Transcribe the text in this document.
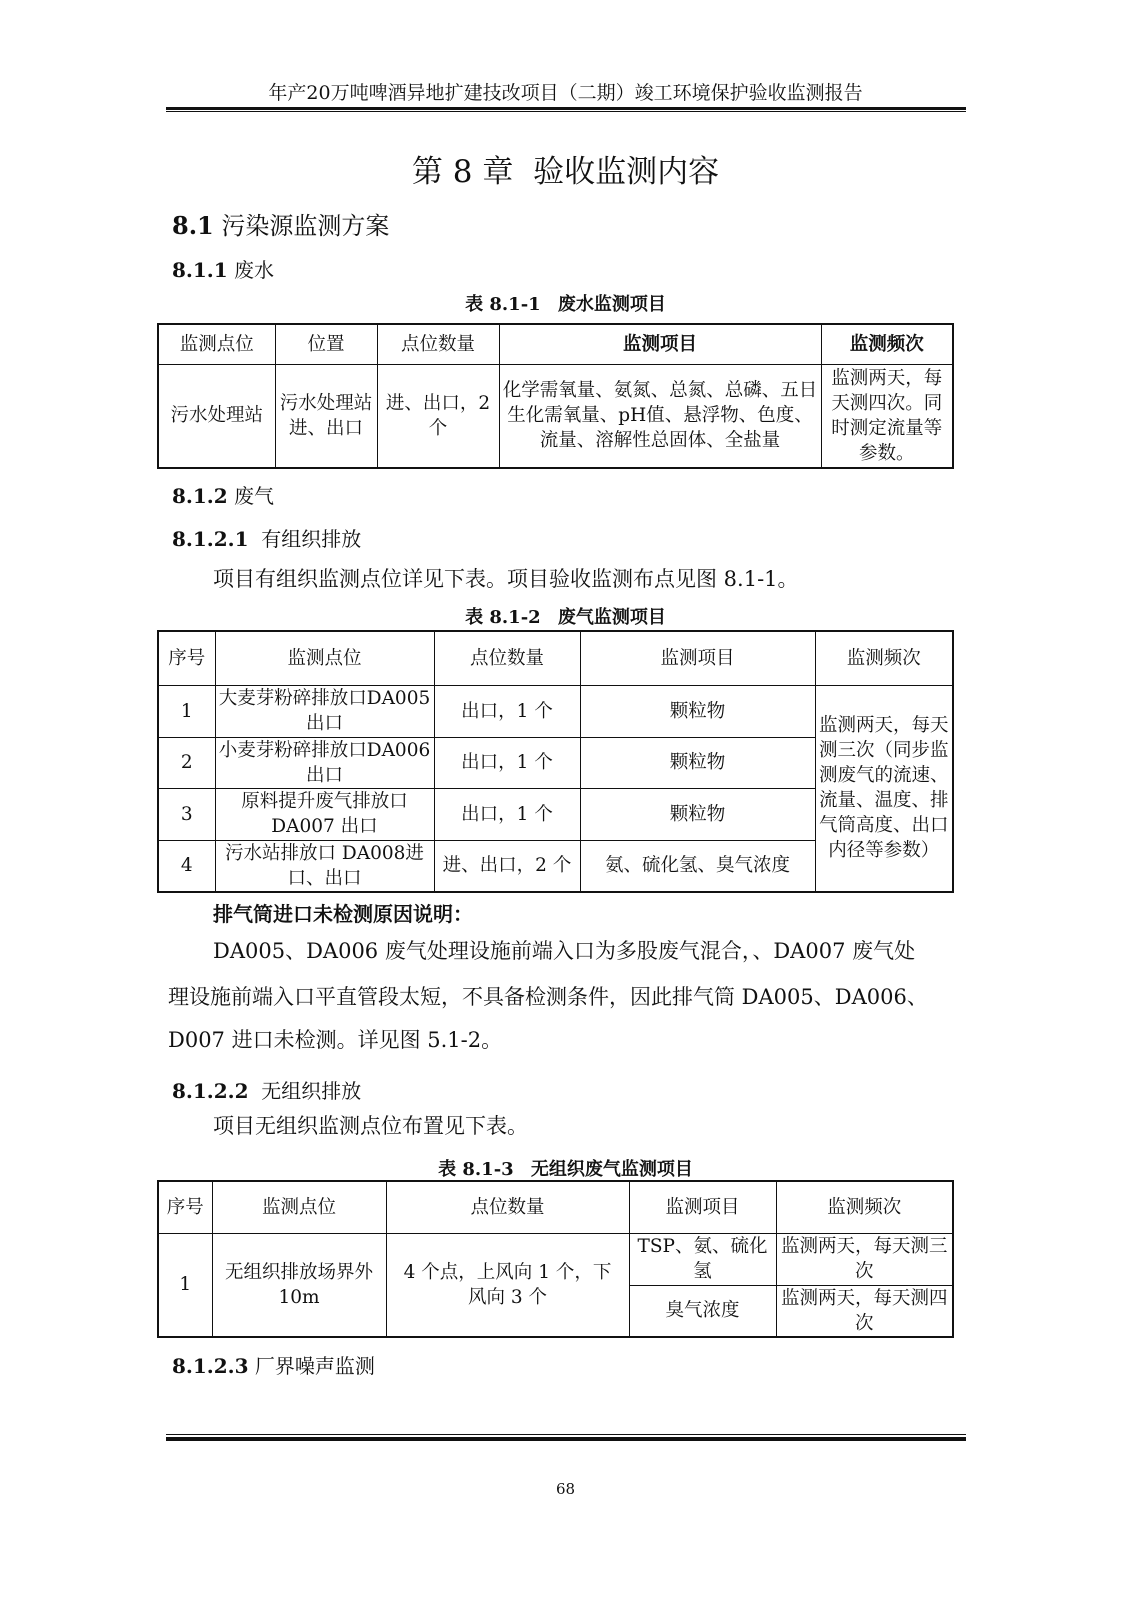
年产20万吨啤酒异地扩建技改项目（二期）竣工环境保护验收监测报告
第 8 章 验收监测内容
8.1 污染源监测方案
8.1.1 废水
表 8.1-1 废水监测项目
监测点位	位置	点位数量	监测项目	监测频次
污水处理站	污水处理站进、出口	进、出口，2个	化学需氧量、氨氮、总氮、总磷、五日生化需氧量、pH值、悬浮物、色度、流量、溶解性总固体、全盐量	监测两天，每天测四次。同时测定流量等参数。
8.1.2 废气
8.1.2.1 有组织排放
项目有组织监测点位详见下表。项目验收监测布点见图 8.1-1。
表 8.1-2 废气监测项目
序号	监测点位	点位数量	监测项目	监测频次
1	大麦芽粉碎排放口DA005 出口	出口，1 个	颗粒物	监测两天，每天测三次（同步监测废气的流速、流量、温度、排气筒高度、出口内径等参数）
2	小麦芽粉碎排放口DA006 出口	出口，1 个	颗粒物	
3	原料提升废气排放口DA007 出口	出口，1 个	颗粒物	
4	污水站排放口 DA008进口、出口	进、出口，2 个	氨、硫化氢、臭气浓度	
排气筒进口未检测原因说明：
DA005、DA006 废气处理设施前端入口为多股废气混合，、DA007 废气处
理设施前端入口平直管段太短，不具备检测条件，因此排气筒 DA005、DA006、
D007 进口未检测。详见图 5.1-2。
8.1.2.2 无组织排放
项目无组织监测点位布置见下表。
表 8.1-3 无组织废气监测项目
序号	监测点位	点位数量	监测项目	监测频次
1	无组织排放场界外 10m	4 个点，上风向 1 个，下风向 3 个	TSP、氨、硫化氢	监测两天，每天测三次
			臭气浓度	监测两天，每天测四次
8.1.2.3 厂界噪声监测
68
